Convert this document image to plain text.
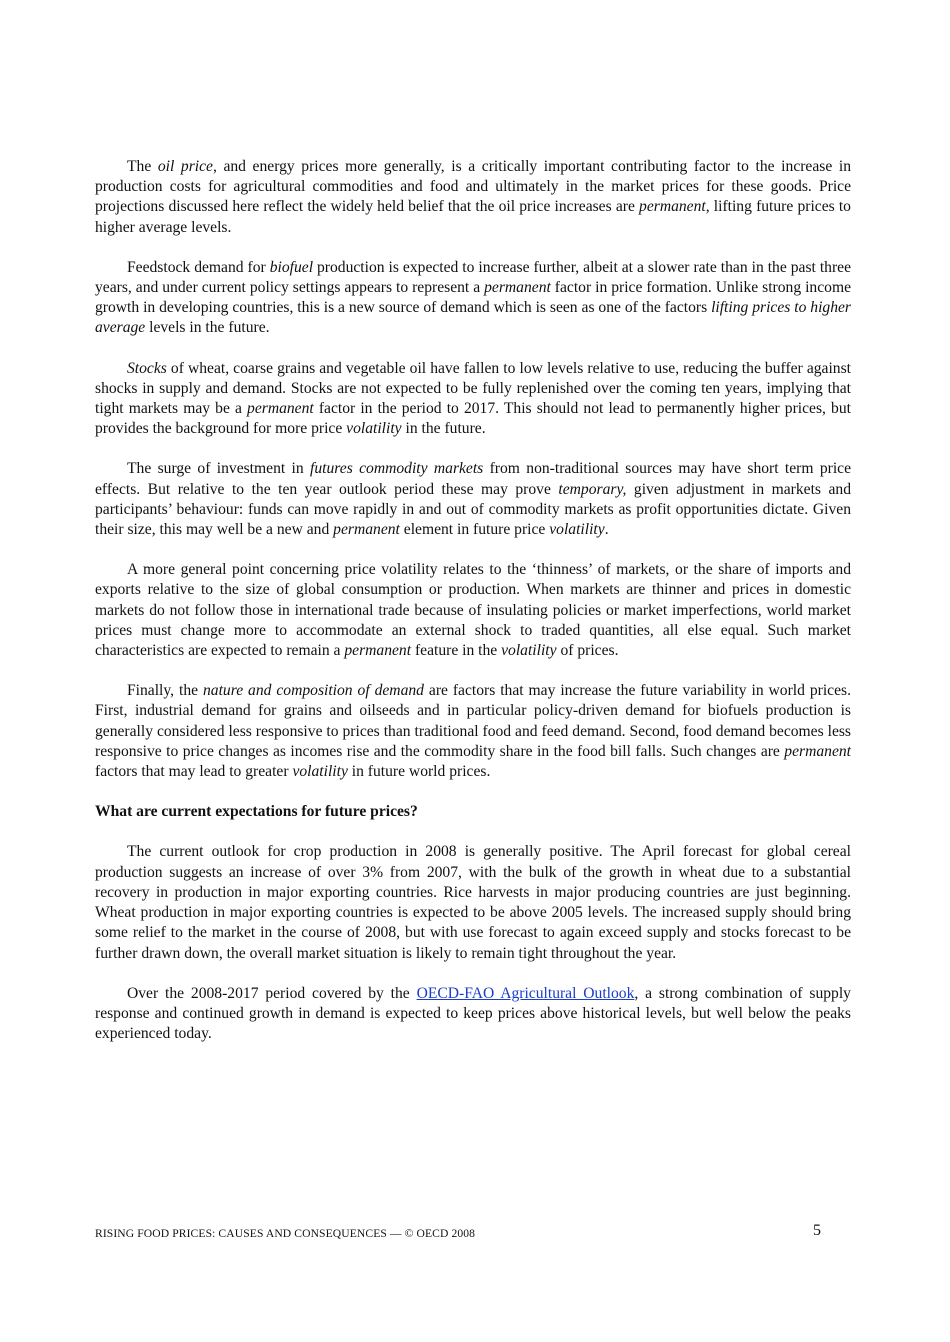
The oil price, and energy prices more generally, is a critically important contributing factor to the increase in production costs for agricultural commodities and food and ultimately in the market prices for these goods. Price projections discussed here reflect the widely held belief that the oil price increases are permanent, lifting future prices to higher average levels.

Feedstock demand for biofuel production is expected to increase further, albeit at a slower rate than in the past three years, and under current policy settings appears to represent a permanent factor in price formation. Unlike strong income growth in developing countries, this is a new source of demand which is seen as one of the factors lifting prices to higher average levels in the future.

Stocks of wheat, coarse grains and vegetable oil have fallen to low levels relative to use, reducing the buffer against shocks in supply and demand. Stocks are not expected to be fully replenished over the coming ten years, implying that tight markets may be a permanent factor in the period to 2017. This should not lead to permanently higher prices, but provides the background for more price volatility in the future.

The surge of investment in futures commodity markets from non-traditional sources may have short term price effects. But relative to the ten year outlook period these may prove temporary, given adjustment in markets and participants’ behaviour: funds can move rapidly in and out of commodity markets as profit opportunities dictate. Given their size, this may well be a new and permanent element in future price volatility.

A more general point concerning price volatility relates to the ‘thinness’ of markets, or the share of imports and exports relative to the size of global consumption or production. When markets are thinner and prices in domestic markets do not follow those in international trade because of insulating policies or market imperfections, world market prices must change more to accommodate an external shock to traded quantities, all else equal. Such market characteristics are expected to remain a permanent feature in the volatility of prices.

Finally, the nature and composition of demand are factors that may increase the future variability in world prices. First, industrial demand for grains and oilseeds and in particular policy-driven demand for biofuels production is generally considered less responsive to prices than traditional food and feed demand. Second, food demand becomes less responsive to price changes as incomes rise and the commodity share in the food bill falls. Such changes are permanent factors that may lead to greater volatility in future world prices.

What are current expectations for future prices?

The current outlook for crop production in 2008 is generally positive. The April forecast for global cereal production suggests an increase of over 3% from 2007, with the bulk of the growth in wheat due to a substantial recovery in production in major exporting countries. Rice harvests in major producing countries are just beginning. Wheat production in major exporting countries is expected to be above 2005 levels. The increased supply should bring some relief to the market in the course of 2008, but with use forecast to again exceed supply and stocks forecast to be further drawn down, the overall market situation is likely to remain tight throughout the year.

Over the 2008-2017 period covered by the OECD-FAO Agricultural Outlook, a strong combination of supply response and continued growth in demand is expected to keep prices above historical levels, but well below the peaks experienced today.

RISING FOOD PRICES: CAUSES AND CONSEQUENCES — © OECD 2008	5
